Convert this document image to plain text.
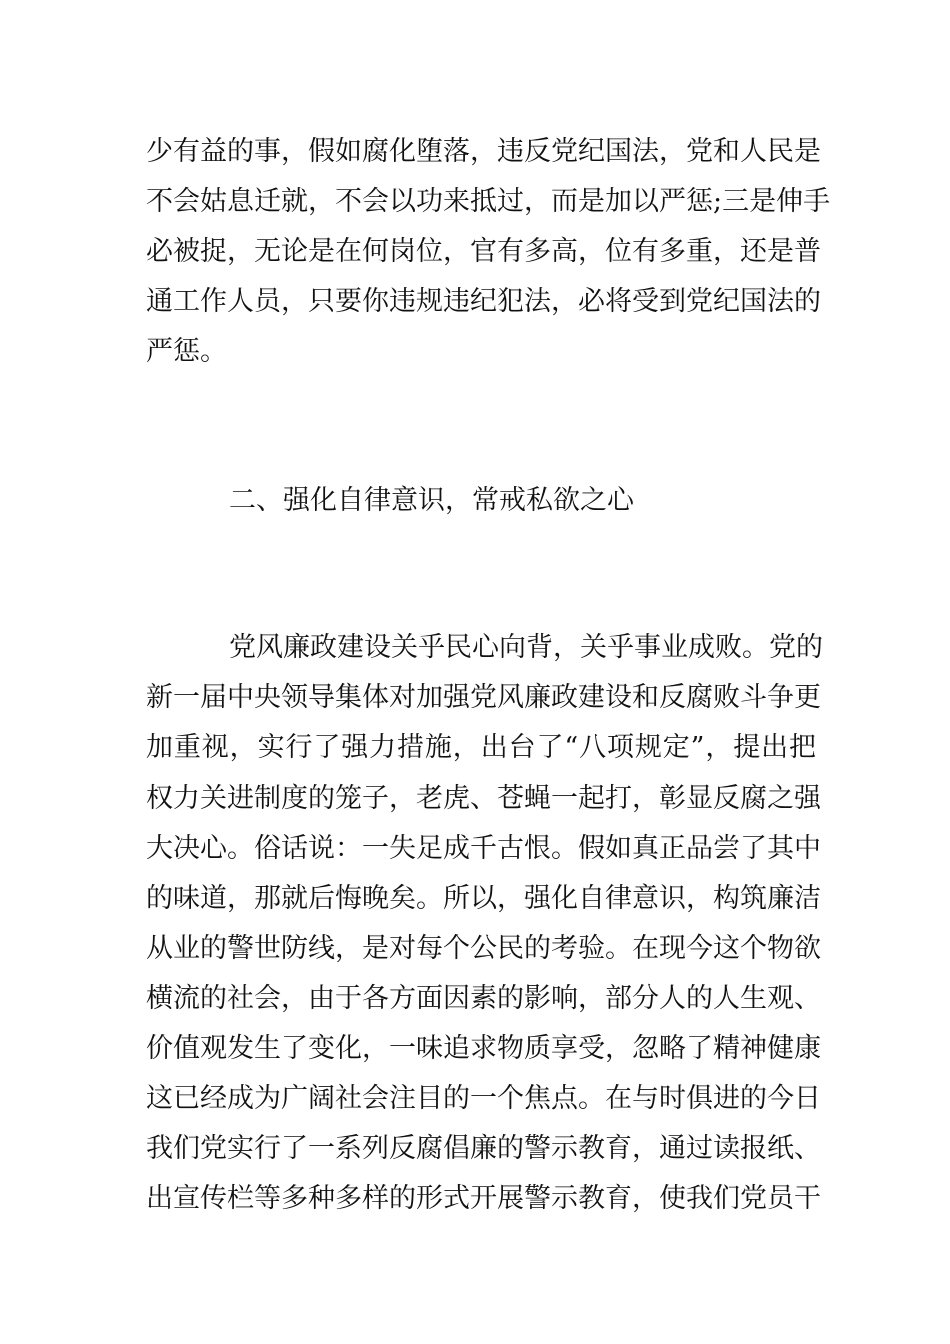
少有益的事，假如腐化堕落，违反党纪国法，党和人民是
不会姑息迁就，不会以功来抵过，而是加以严惩;三是伸手
必被捉，无论是在何岗位，官有多高，位有多重，还是普
通工作人员，只要你违规违纪犯法，必将受到党纪国法的
严惩。
二、强化自律意识，常戒私欲之心
党风廉政建设关乎民心向背，关乎事业成败。党的
新一届中央领导集体对加强党风廉政建设和反腐败斗争更
加重视，实行了强力措施，出台了“八项规定”，提出把
权力关进制度的笼子，老虎、苍蝇一起打，彰显反腐之强
大决心。俗话说：一失足成千古恨。假如真正品尝了其中
的味道，那就后悔晚矣。所以，强化自律意识，构筑廉洁
从业的警世防线，是对每个公民的考验。在现今这个物欲
横流的社会，由于各方面因素的影响，部分人的人生观、
价值观发生了变化，一味追求物质享受，忽略了精神健康
这已经成为广阔社会注目的一个焦点。在与时俱进的今日
我们党实行了一系列反腐倡廉的警示教育，通过读报纸、
出宣传栏等多种多样的形式开展警示教育，使我们党员干
